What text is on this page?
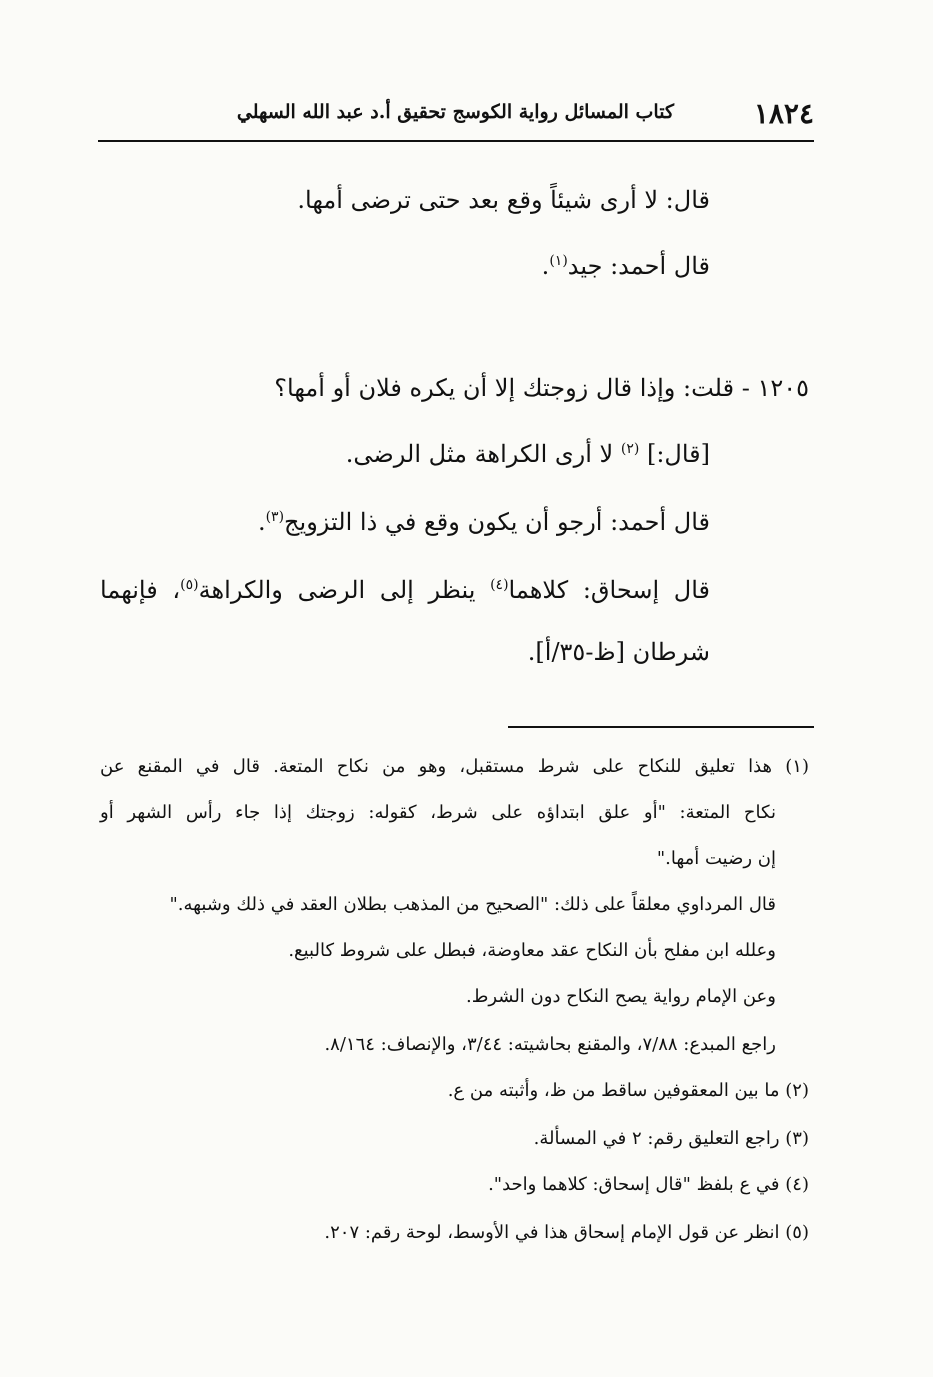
١٨٢٤
كتاب المسائل رواية الكوسج تحقيق أ.د عبد الله السهلي
قال: لا أرى شيئاً وقع بعد حتى ترضى أمها.
قال أحمد: جيد$^{(١)}$.
١٢٠٥ - قلت: وإذا قال زوجتك إلا أن يكره فلان أو أمها؟
[قال:] $^{(٢)}$ لا أرى الكراهة مثل الرضى.
قال أحمد: أرجو أن يكون وقع في ذا التزويج$^{(٣)}$.
قال إسحاق: كلاهما$^{(٤)}$ ينظر إلى الرضى والكراهة$^{(٥)}$، فإنهما
شرطان [ظ-٣٥/أ].
(١) هذا تعليق للنكاح على شرط مستقبل، وهو من نكاح المتعة. قال في المقنع عن
نكاح المتعة: "أو علق ابتداؤه على شرط، كقوله: زوجتك إذا جاء رأس الشهر أو
إن رضيت أمها."
قال المرداوي معلقاً على ذلك: "الصحيح من المذهب بطلان العقد في ذلك وشبهه."
وعلله ابن مفلح بأن النكاح عقد معاوضة، فبطل على شروط كالبيع.
وعن الإمام رواية يصح النكاح دون الشرط.
راجع المبدع: ٧/٨٨، والمقنع بحاشيته: ٣/٤٤، والإنصاف: ٨/١٦٤.
(٢) ما بين المعقوفين ساقط من ظ، وأثبته من ع.
(٣) راجع التعليق رقم: ٢ في المسألة.
(٤) في ع بلفظ "قال إسحاق: كلاهما واحد".
(٥) انظر عن قول الإمام إسحاق هذا في الأوسط، لوحة رقم: ٢٠٧.
